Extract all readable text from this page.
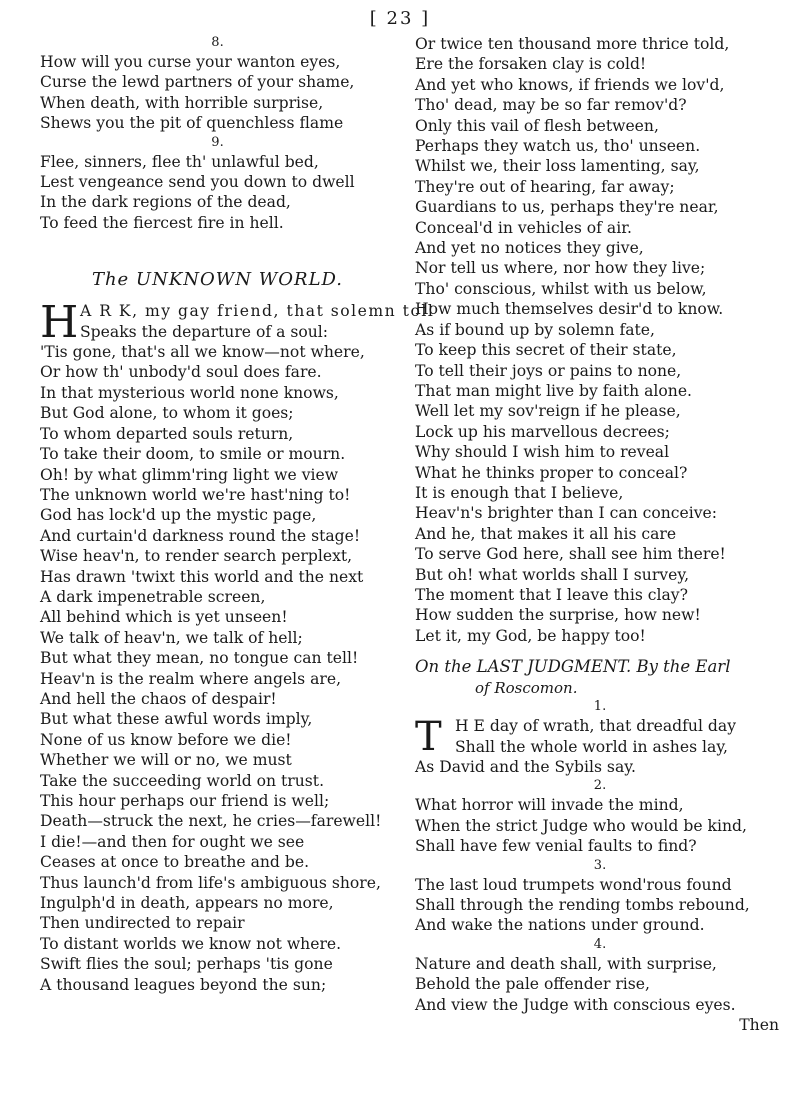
[ 23 ]
8.
How will you curse your wanton eyes,
Curse the lewd partners of your shame,
When death, with horrible surprise,
Shews you the pit of quenchless flame
9.
Flee, sinners, flee th' unlawful bed,
Lest vengeance send you down to dwell
In the dark regions of the dead,
To feed the fiercest fire in hell.
The UNKNOWN WORLD.
H A R K, my gay friend, that solemn toll
Speaks the departure of a soul:
'Tis gone, that's all we know—not where,
Or how th' unbody'd soul does fare.
In that mysterious world none knows,
But God alone, to whom it goes;
To whom departed souls return,
To take their doom, to smile or mourn.
Oh! by what glimm'ring light we view
The unknown world we're hast'ning to!
God has lock'd up the mystic page,
And curtain'd darkness round the stage!
Wise heav'n, to render search perplext,
Has drawn 'twixt this world and the next
A dark impenetrable screen,
All behind which is yet unseen!
We talk of heav'n, we talk of hell;
But what they mean, no tongue can tell!
Heav'n is the realm where angels are,
And hell the chaos of despair!
But what these awful words imply,
None of us know before we die!
Whether we will or no, we must
Take the succeeding world on trust.
This hour perhaps our friend is well;
Death—struck the next, he cries—farewell!
I die!—and then for ought we see
Ceases at once to breathe and be.
Thus launch'd from life's ambiguous shore,
Ingulph'd in death, appears no more,
Then undirected to repair
To distant worlds we know not where.
Swift flies the soul; perhaps 'tis gone
A thousand leagues beyond the sun;
Or twice ten thousand more thrice told,
Ere the forsaken clay is cold!
And yet who knows, if friends we lov'd,
Tho' dead, may be so far remov'd?
Only this vail of flesh between,
Perhaps they watch us, tho' unseen.
Whilst we, their loss lamenting, say,
They're out of hearing, far away;
Guardians to us, perhaps they're near,
Conceal'd in vehicles of air.
And yet no notices they give,
Nor tell us where, nor how they live;
Tho' conscious, whilst with us below,
How much themselves desir'd to know.
As if bound up by solemn fate,
To keep this secret of their state,
To tell their joys or pains to none,
That man might live by faith alone.
Well let my sov'reign if he please,
Lock up his marvellous decrees;
Why should I wish him to reveal
What he thinks proper to conceal?
It is enough that I believe,
Heav'n's brighter than I can conceive:
And he, that makes it all his care
To serve God here, shall see him there!
But oh! what worlds shall I survey,
The moment that I leave this clay?
How sudden the surprise, how new!
Let it, my God, be happy too!
On the LAST JUDGMENT. By the Earl
of Roscomon.
1.
T H E day of wrath, that dreadful day
Shall the whole world in ashes lay,
As David and the Sybils say.
2.
What horror will invade the mind,
When the strict Judge who would be kind,
Shall have few venial faults to find?
3.
The last loud trumpets wond'rous found
Shall through the rending tombs rebound,
And wake the nations under ground.
4.
Nature and death shall, with surprise,
Behold the pale offender rise,
And view the Judge with conscious eyes.
Then
